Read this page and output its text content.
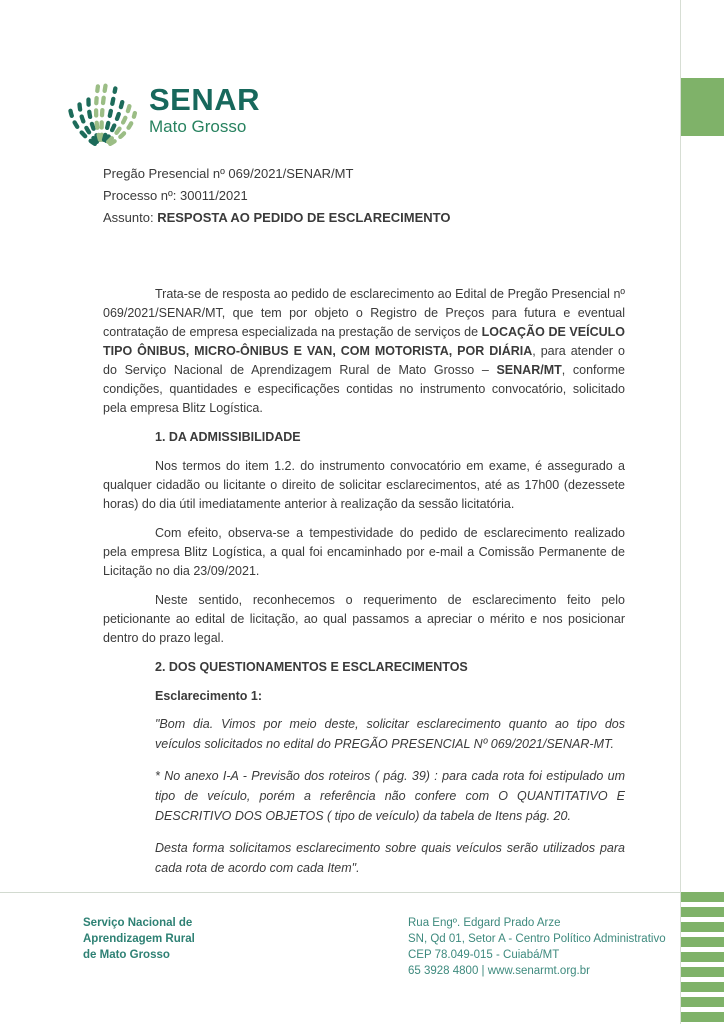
SENAR
Mato Grosso

Pregão Presencial nº 069/2021/SENAR/MT

Processo nº: 30011/2021

Assunto: RESPOSTA AO PEDIDO DE ESCLARECIMENTO

Trata-se de resposta ao pedido de esclarecimento ao Edital de Pregão Presencial nº 069/2021/SENAR/MT, que tem por objeto o Registro de Preços para futura e eventual contratação de empresa especializada na prestação de serviços de LOCAÇÃO DE VEÍCULO TIPO ÔNIBUS, MICRO-ÔNIBUS E VAN, COM MOTORISTA, POR DIÁRIA, para atender o do Serviço Nacional de Aprendizagem Rural de Mato Grosso – SENAR/MT, conforme condições, quantidades e especificações contidas no instrumento convocatório, solicitado pela empresa Blitz Logística.

1. DA ADMISSIBILIDADE

Nos termos do item 1.2. do instrumento convocatório em exame, é assegurado a qualquer cidadão ou licitante o direito de solicitar esclarecimentos, até as 17h00 (dezessete horas) do dia útil imediatamente anterior à realização da sessão licitatória.

Com efeito, observa-se a tempestividade do pedido de esclarecimento realizado pela empresa Blitz Logística, a qual foi encaminhado por e-mail a Comissão Permanente de Licitação no dia 23/09/2021.

Neste sentido, reconhecemos o requerimento de esclarecimento feito pelo peticionante ao edital de licitação, ao qual passamos a apreciar o mérito e nos posicionar dentro do prazo legal.

2. DOS QUESTIONAMENTOS E ESCLARECIMENTOS

Esclarecimento 1:

"Bom dia. Vimos por meio deste, solicitar esclarecimento quanto ao tipo dos veículos solicitados no edital do PREGÃO PRESENCIAL Nº 069/2021/SENAR-MT.

* No anexo I-A - Previsão dos roteiros ( pág. 39) : para cada rota foi estipulado um tipo de veículo, porém a referência não confere com O QUANTITATIVO E DESCRITIVO DOS OBJETOS ( tipo de veículo) da tabela de Itens pág. 20.

Desta forma solicitamos esclarecimento sobre quais veículos serão utilizados para cada rota de acordo com cada Item".

Serviço Nacional de
Aprendizagem Rural
de Mato Grosso
Rua Engº. Edgard Prado Arze
SN, Qd 01, Setor A - Centro Político Administrativo
CEP 78.049-015 - Cuiabá/MT
65 3928 4800 | www.senarmt.org.br
